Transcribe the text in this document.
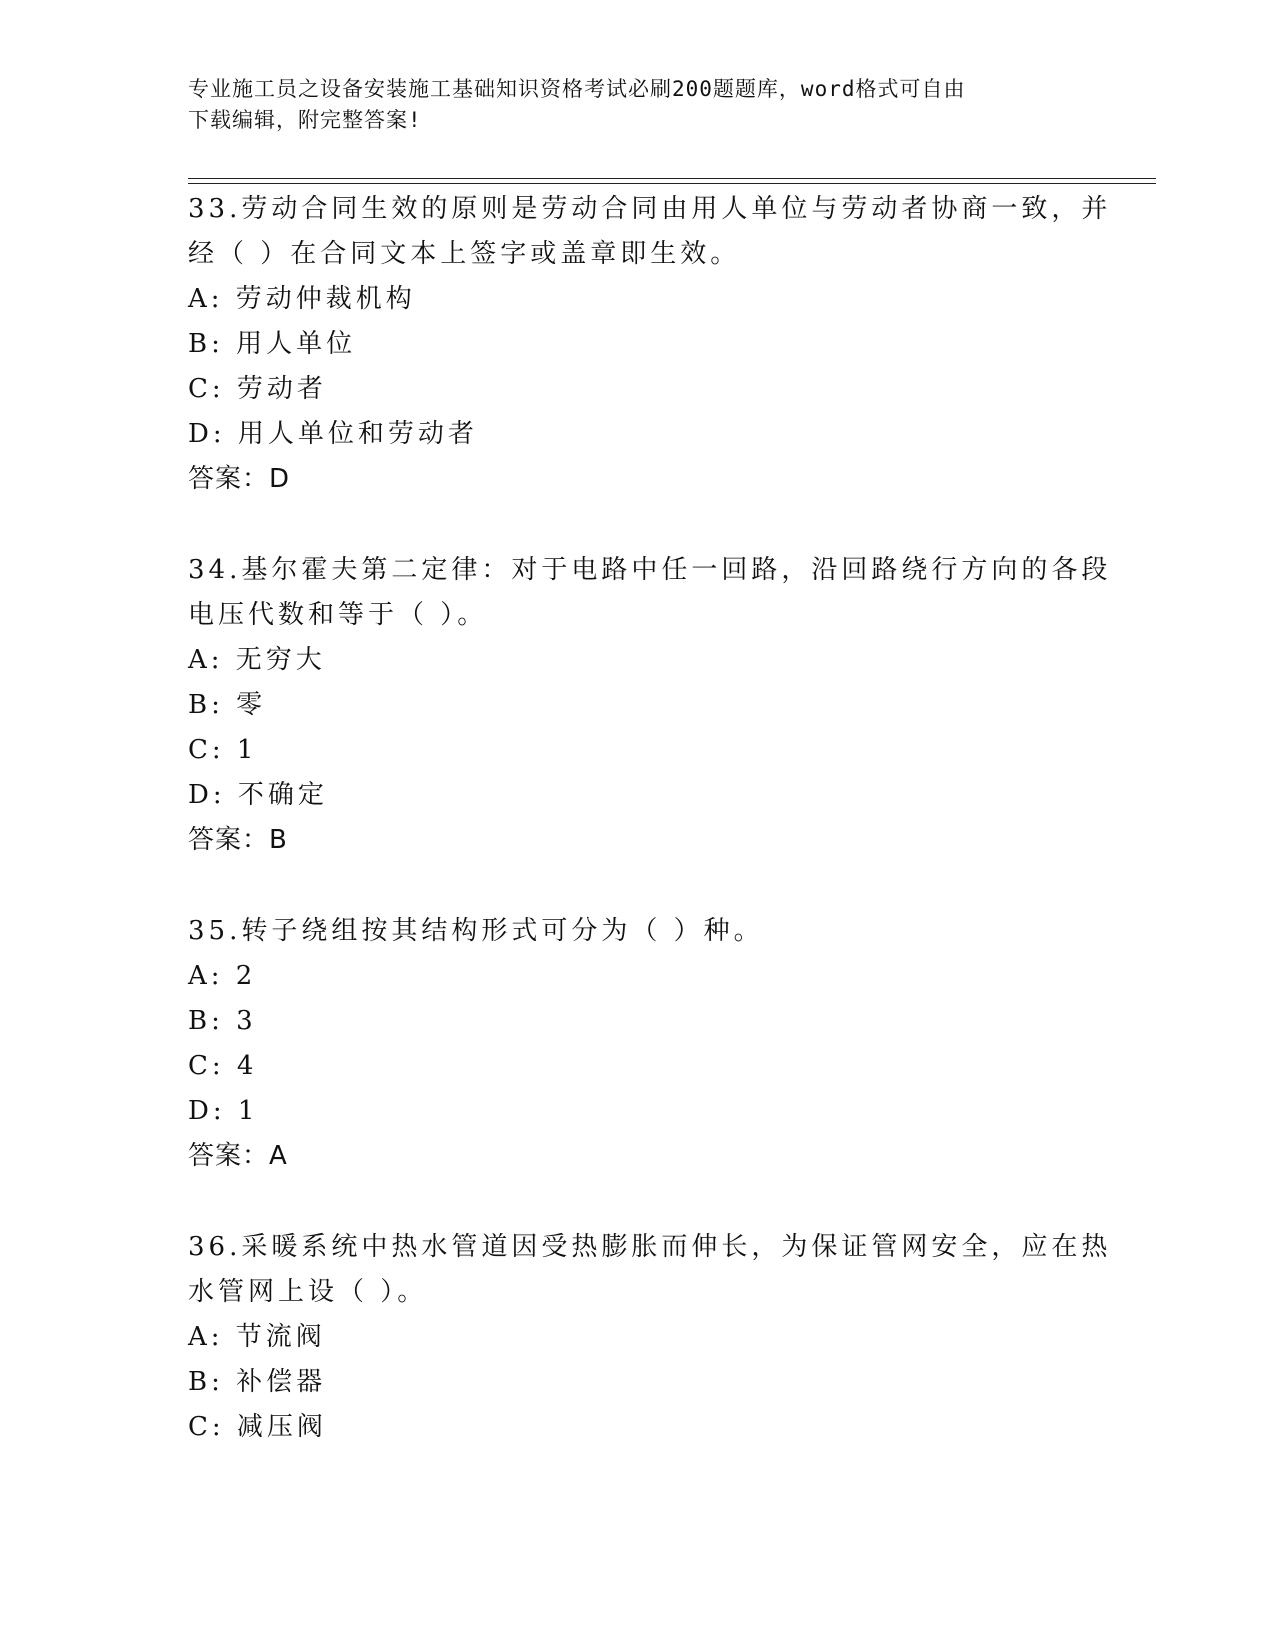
专业施工员之设备安装施工基础知识资格考试必刷200题题库，word格式可自由
下载编辑，附完整答案!
33.劳动合同生效的原则是劳动合同由用人单位与劳动者协商一致，并
经（ ）在合同文本上签字或盖章即生效。
A: 劳动仲裁机构
B: 用人单位
C: 劳动者
D: 用人单位和劳动者
答案：D
34.基尔霍夫第二定律：对于电路中任一回路，沿回路绕行方向的各段
电压代数和等于（ ）。
A: 无穷大
B: 零
C: 1
D: 不确定
答案：B
35.转子绕组按其结构形式可分为（ ）种。
A: 2
B: 3
C: 4
D: 1
答案：A
36.采暖系统中热水管道因受热膨胀而伸长，为保证管网安全，应在热
水管网上设（ ）。
A: 节流阀
B: 补偿器
C: 减压阀
